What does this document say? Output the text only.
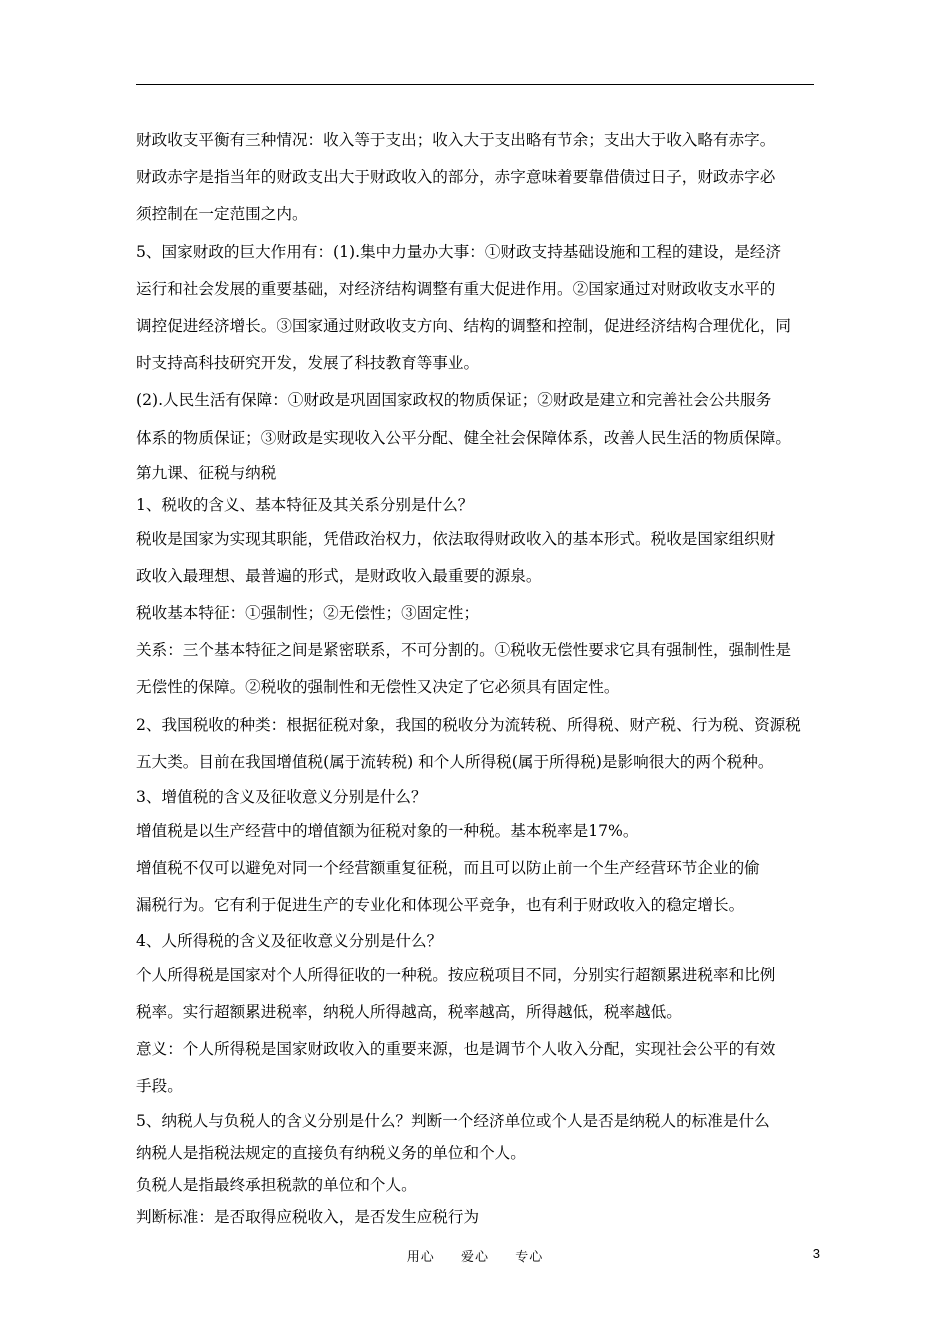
财政收支平衡有三种情况：收入等于支出；收入大于支出略有节余；支出大于收入略有赤字。
财政赤字是指当年的财政支出大于财政收入的部分，赤字意味着要靠借债过日子，财政赤字必
须控制在一定范围之内。
5、国家财政的巨大作用有：(1).集中力量办大事：①财政支持基础设施和工程的建设，是经济
运行和社会发展的重要基础，对经济结构调整有重大促进作用。②国家通过对财政收支水平的
调控促进经济增长。③国家通过财政收支方向、结构的调整和控制，促进经济结构合理优化，同
时支持高科技研究开发，发展了科技教育等事业。
(2).人民生活有保障：①财政是巩固国家政权的物质保证；②财政是建立和完善社会公共服务
体系的物质保证；③财政是实现收入公平分配、健全社会保障体系，改善人民生活的物质保障。
第九课、征税与纳税
1、税收的含义、基本特征及其关系分别是什么？
税收是国家为实现其职能，凭借政治权力，依法取得财政收入的基本形式。税收是国家组织财
政收入最理想、最普遍的形式，是财政收入最重要的源泉。
税收基本特征：①强制性；②无偿性；③固定性；
关系：三个基本特征之间是紧密联系，不可分割的。①税收无偿性要求它具有强制性，强制性是
无偿性的保障。②税收的强制性和无偿性又决定了它必须具有固定性。
2、我国税收的种类：根据征税对象，我国的税收分为流转税、所得税、财产税、行为税、资源税
五大类。目前在我国增值税(属于流转税) 和个人所得税(属于所得税)是影响很大的两个税种。
3、增值税的含义及征收意义分别是什么？
增值税是以生产经营中的增值额为征税对象的一种税。基本税率是17%。
增值税不仅可以避免对同一个经营额重复征税，而且可以防止前一个生产经营环节企业的偷
漏税行为。它有利于促进生产的专业化和体现公平竞争，也有利于财政收入的稳定增长。
4、人所得税的含义及征收意义分别是什么？
个人所得税是国家对个人所得征收的一种税。按应税项目不同，分别实行超额累进税率和比例
税率。实行超额累进税率，纳税人所得越高，税率越高，所得越低，税率越低。
意义：个人所得税是国家财政收入的重要来源，也是调节个人收入分配，实现社会公平的有效
手段。
5、纳税人与负税人的含义分别是什么？判断一个经济单位或个人是否是纳税人的标准是什么
纳税人是指税法规定的直接负有纳税义务的单位和个人。
负税人是指最终承担税款的单位和个人。
判断标准：是否取得应税收入，是否发生应税行为
用心  爱心  专心	3
